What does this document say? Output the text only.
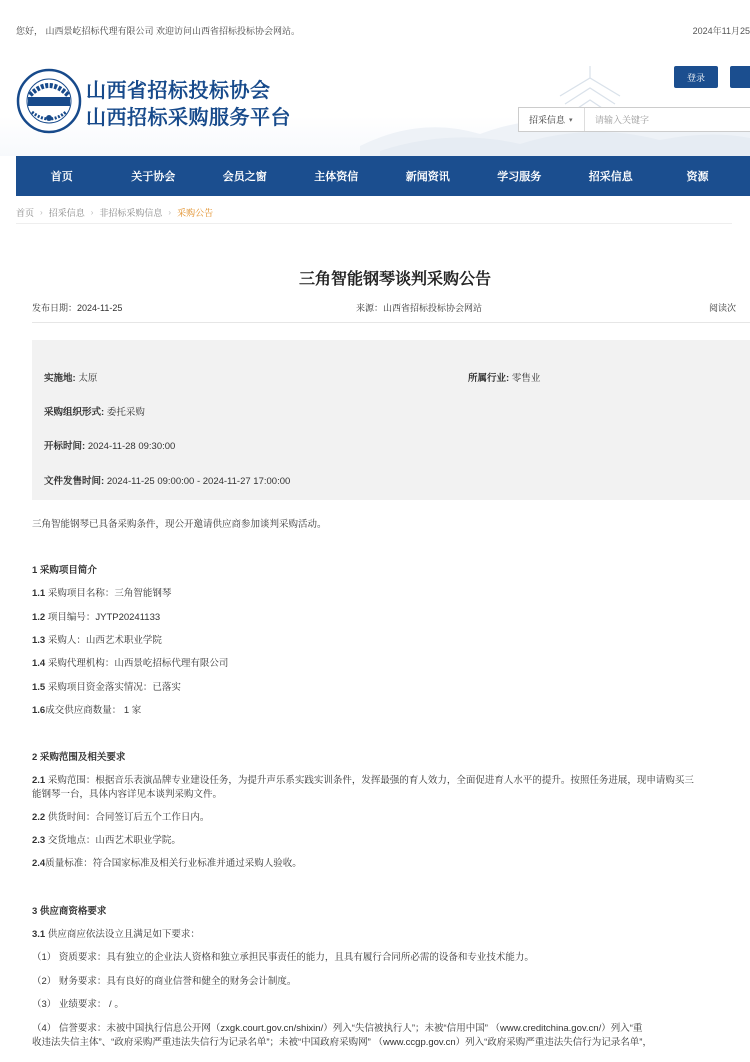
您好， 山西景屹招标代理有限公司 欢迎访问山西省招标投标协会网站。	2024年11月25
山西省招标投标协会
山西招标采购服务平台
登录
招采信息 ▾	请输入关键字
首页	关于协会	会员之窗	主体资信	新闻资讯	学习服务	招采信息	资源
首页 › 招采信息 › 非招标采购信息 › 采购公告
三角智能钢琴谈判采购公告
发布日期：2024-11-25	来源：山西省招标投标协会网站	阅读次
实施地: 太原	所属行业: 零售业
采购组织形式: 委托采购
开标时间: 2024-11-28 09:30:00
文件发售时间: 2024-11-25 09:00:00 - 2024-11-27 17:00:00
三角智能钢琴已具备采购条件，现公开邀请供应商参加谈判采购活动。
1 采购项目简介
1.1 采购项目名称：三角智能钢琴
1.2 项目编号：JYTP20241133
1.3 采购人：山西艺术职业学院
1.4 采购代理机构：山西景屹招标代理有限公司
1.5 采购项目资金落实情况：已落实
1.6成交供应商数量： 1 家
2 采购范围及相关要求
2.1 采购范围：根据音乐表演品牌专业建设任务，为提升声乐系实践实训条件，发挥最强的育人效力，全面促进育人水平的提升。按照任务进展，现申请购买三
能钢琴一台，具体内容详见本谈判采购文件。
2.2 供货时间：合同签订后五个工作日内。
2.3 交货地点：山西艺术职业学院。
2.4质量标准：符合国家标准及相关行业标准并通过采购人验收。
3 供应商资格要求
3.1 供应商应依法设立且满足如下要求：
（1） 资质要求：具有独立的企业法人资格和独立承担民事责任的能力，且具有履行合同所必需的设备和专业技术能力。
（2） 财务要求：具有良好的商业信誉和健全的财务会计制度。
（3） 业绩要求： / 。
（4） 信誉要求：未被中国执行信息公开网（zxgk.court.gov.cn/shixin/）列入“失信被执行人”；未被“信用中国” （www.creditchina.gov.cn/）列入“重
收违法失信主体”、“政府采购严重违法失信行为记录名单”；未被“中国政府采购网” （www.ccgp.gov.cn）列入“政府采购严重违法失信行为记录名单”，
